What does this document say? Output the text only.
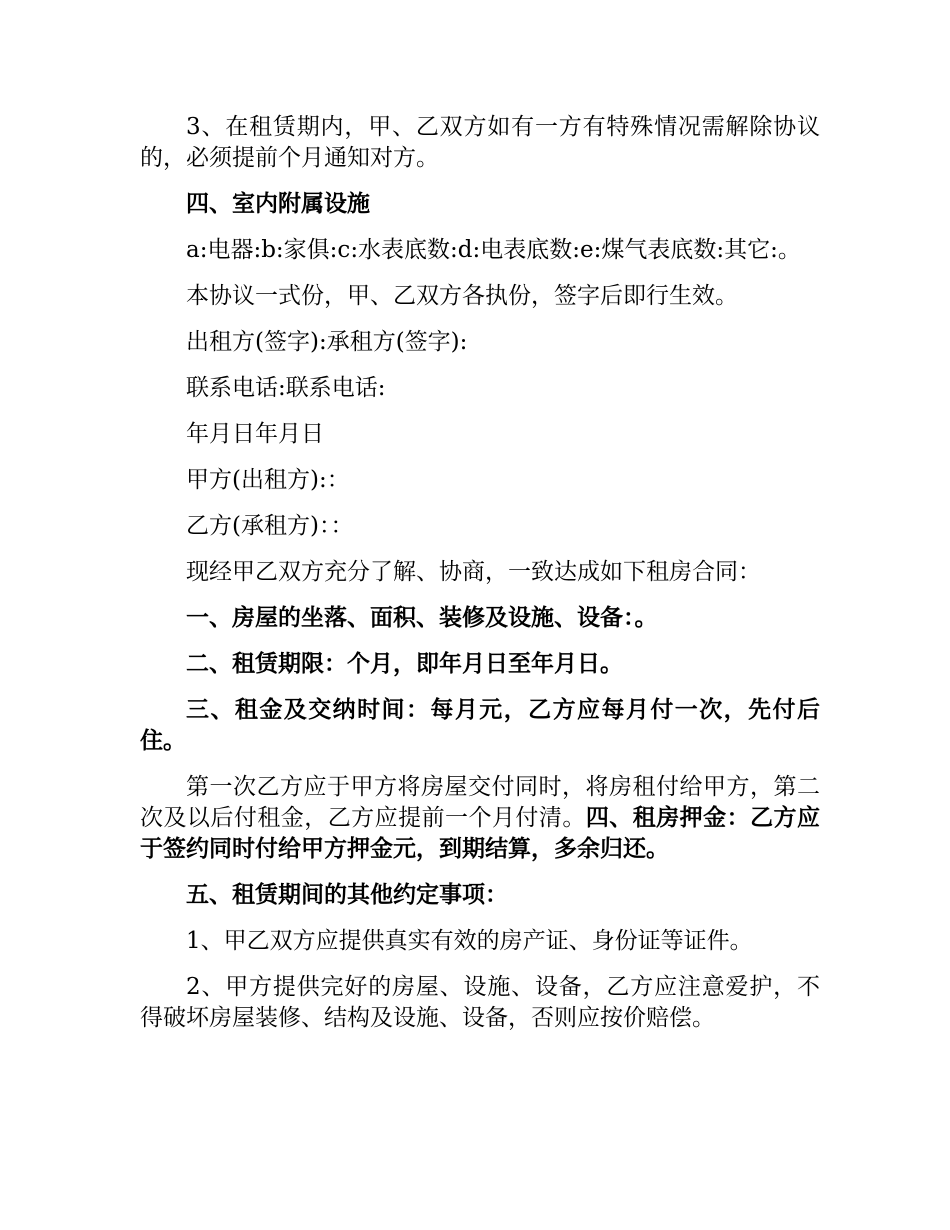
3、在租赁期内，甲、乙双方如有一方有特殊情况需解除协议的，必须提前个月通知对方。

四、室内附属设施

a:电器:b:家俱:c:水表底数:d:电表底数:e:煤气表底数:其它:。

本协议一式份，甲、乙双方各执份，签字后即行生效。

出租方(签字):承租方(签字):

联系电话:联系电话:

年月日年月日

甲方(出租方):：

乙方(承租方)：：

现经甲乙双方充分了解、协商，一致达成如下租房合同：

一、房屋的坐落、面积、装修及设施、设备：。

二、租赁期限：个月，即年月日至年月日。

三、租金及交纳时间：每月元，乙方应每月付一次，先付后住。

第一次乙方应于甲方将房屋交付同时，将房租付给甲方，第二次及以后付租金，乙方应提前一个月付清。四、租房押金：乙方应于签约同时付给甲方押金元，到期结算，多余归还。

五、租赁期间的其他约定事项：

1、甲乙双方应提供真实有效的房产证、身份证等证件。

2、甲方提供完好的房屋、设施、设备，乙方应注意爱护，不得破坏房屋装修、结构及设施、设备，否则应按价赔偿。
